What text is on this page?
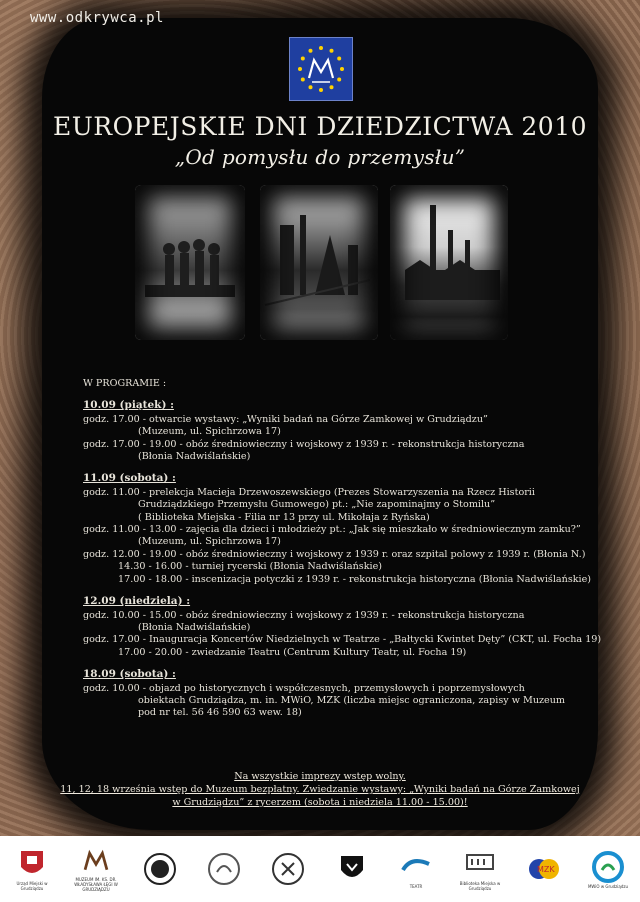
www.odkrywca.pl
EUROPEJSKIE DNI DZIEDZICTWA 2010
„Od pomysłu do przemysłu”
W PROGRAMIE :
10.09 (piątek) :
godz. 17.00 - otwarcie wystawy: „Wyniki badań na Górze Zamkowej w Grudziądzu”
(Muzeum, ul. Spichrzowa 17)
godz. 17.00 - 19.00 - obóz średniowieczny i wojskowy z 1939 r. - rekonstrukcja historyczna
(Błonia Nadwiślańskie)
11.09 (sobota) :
godz. 11.00 - prelekcja Macieja Drzewoszewskiego (Prezes Stowarzyszenia na Rzecz Historii
Grudziądzkiego Przemysłu Gumowego) pt.: „Nie zapominajmy o Stomilu”
( Biblioteka Miejska - Filia nr 13 przy ul. Mikołaja z Ryńska)
godz. 11.00 - 13.00 - zajęcia dla dzieci i młodzieży pt.: „Jak się mieszkało w średniowiecznym zamku?”
(Muzeum, ul. Spichrzowa 17)
godz. 12.00 - 19.00 - obóz średniowieczny i wojskowy z 1939 r. oraz szpital polowy z 1939 r. (Błonia N.)
14.30 - 16.00 - turniej rycerski (Błonia Nadwiślańskie)
17.00 - 18.00 - inscenizacja potyczki z 1939 r. - rekonstrukcja historyczna (Błonia Nadwiślańskie)
12.09 (niedziela) :
godz. 10.00 - 15.00 - obóz średniowieczny i wojskowy z 1939 r. - rekonstrukcja historyczna
(Błonia Nadwiślańskie)
godz. 17.00 - Inauguracja Koncertów Niedzielnych w Teatrze - „Bałtycki Kwintet Dęty” (CKT, ul. Focha 19)
17.00 - 20.00 - zwiedzanie Teatru (Centrum Kultury Teatr, ul. Focha 19)
18.09 (sobota) :
godz. 10.00 - objazd po historycznych i współczesnych, przemysłowych i poprzemysłowych
obiektach Grudziądza, m. in. MWiO, MZK (liczba miejsc ograniczona, zapisy w Muzeum
pod nr tel. 56 46 590 63 wew. 18)
Na wszystkie imprezy wstęp wolny.
11, 12, 18 września wstęp do Muzeum bezpłatny. Zwiedzanie wystawy: „Wyniki badań na Górze Zamkowej
w Grudziądzu” z rycerzem (sobota i niedziela 11.00 - 15.00)!
Urząd Miejski w Grudziądzu
MUZEUM IM. KS. DR. WŁADYSŁAWA ŁĘGI W GRUDZIĄDZU
TEATR	Biblioteka Miejska w Grudziądzu
MZK
MWiO w Grudziądzu
